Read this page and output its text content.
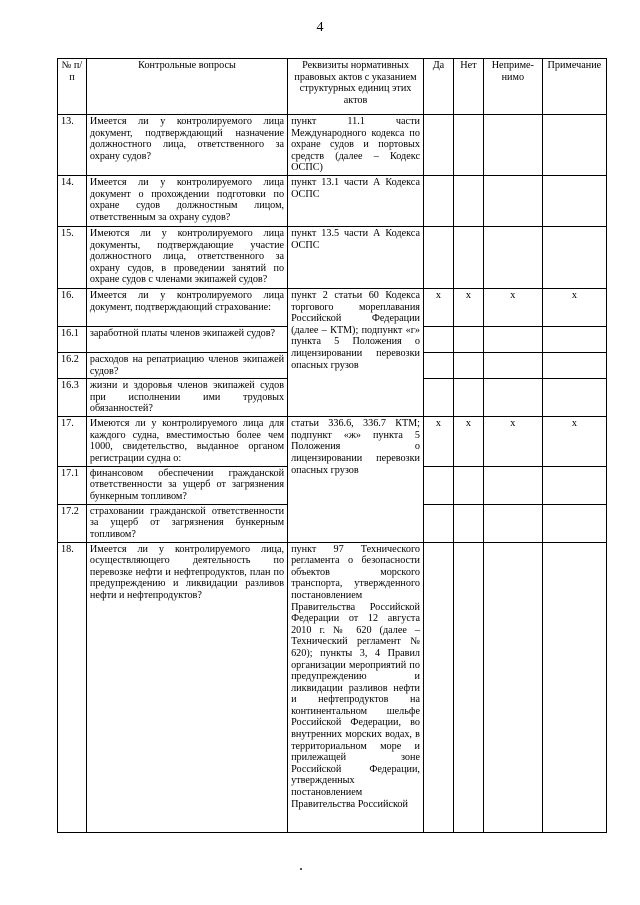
4
№ п/п	Контрольные вопросы	Реквизиты нормативных правовых актов с указанием структурных единиц этих актов	Да	Нет	Неприме-нимо	Примечание
13.	Имеется ли у контролируемого лица документ, подтверждающий назначение должностного лица, ответственного за охрану судов?	пункт 11.1 части Международного кодекса по охране судов и портовых средств (далее – Кодекс ОСПС)				
14.	Имеется ли у контролируемого лица документ о прохождении подготовки по охране судов должностным лицом, ответственным за охрану судов?	пункт 13.1 части А Кодекса ОСПС				
15.	Имеются ли у контролируемого лица документы, подтверждающие участие должностного лица, ответственного за охрану судов, в проведении занятий по охране судов с членами экипажей судов?	пункт 13.5 части А Кодекса ОСПС				
16.	Имеется ли у контролируемого лица документ, подтверждающий страхование:	пункт 2 статьи 60 Кодекса торгового мореплавания Российской Федерации (далее – КТМ); подпункт «г» пункта 5 Положения о лицензировании перевозки опасных грузов	x	x	x	x
16.1	заработной платы членов экипажей судов?					
16.2	расходов на репатриацию членов экипажей судов?					
16.3	жизни и здоровья членов экипажей судов при исполнении ими трудовых обязанностей?					
17.	Имеются ли у контролируемого лица для каждого судна, вместимостью более чем 1000, свидетельство, выданное органом регистрации судна о:	статьи 336.6, 336.7 КТМ; подпункт «ж» пункта 5 Положения о лицензировании перевозки опасных грузов	x	x	x	x
17.1	финансовом обеспечении гражданской ответственности за ущерб от загрязнения бункерным топливом?					
17.2	страховании гражданской ответственности за ущерб от загрязнения бункерным топливом?					
18.	Имеется ли у контролируемого лица, осуществляющего деятельность по перевозке нефти и нефтепродуктов, план по предупреждению и ликвидации разливов нефти и нефтепродуктов?	пункт 97 Технического регламента о безопасности объектов морского транспорта, утвержденного постановлением Правительства Российской Федерации от 12 августа 2010 г. № 620 (далее – Технический регламент № 620); пункты 3, 4 Правил организации мероприятий по предупреждению и ликвидации разливов нефти и нефтепродуктов на континентальном шельфе Российской Федерации, во внутренних морских водах, в территориальном море и прилежащей зоне Российской Федерации, утвержденных постановлением Правительства Российской				
